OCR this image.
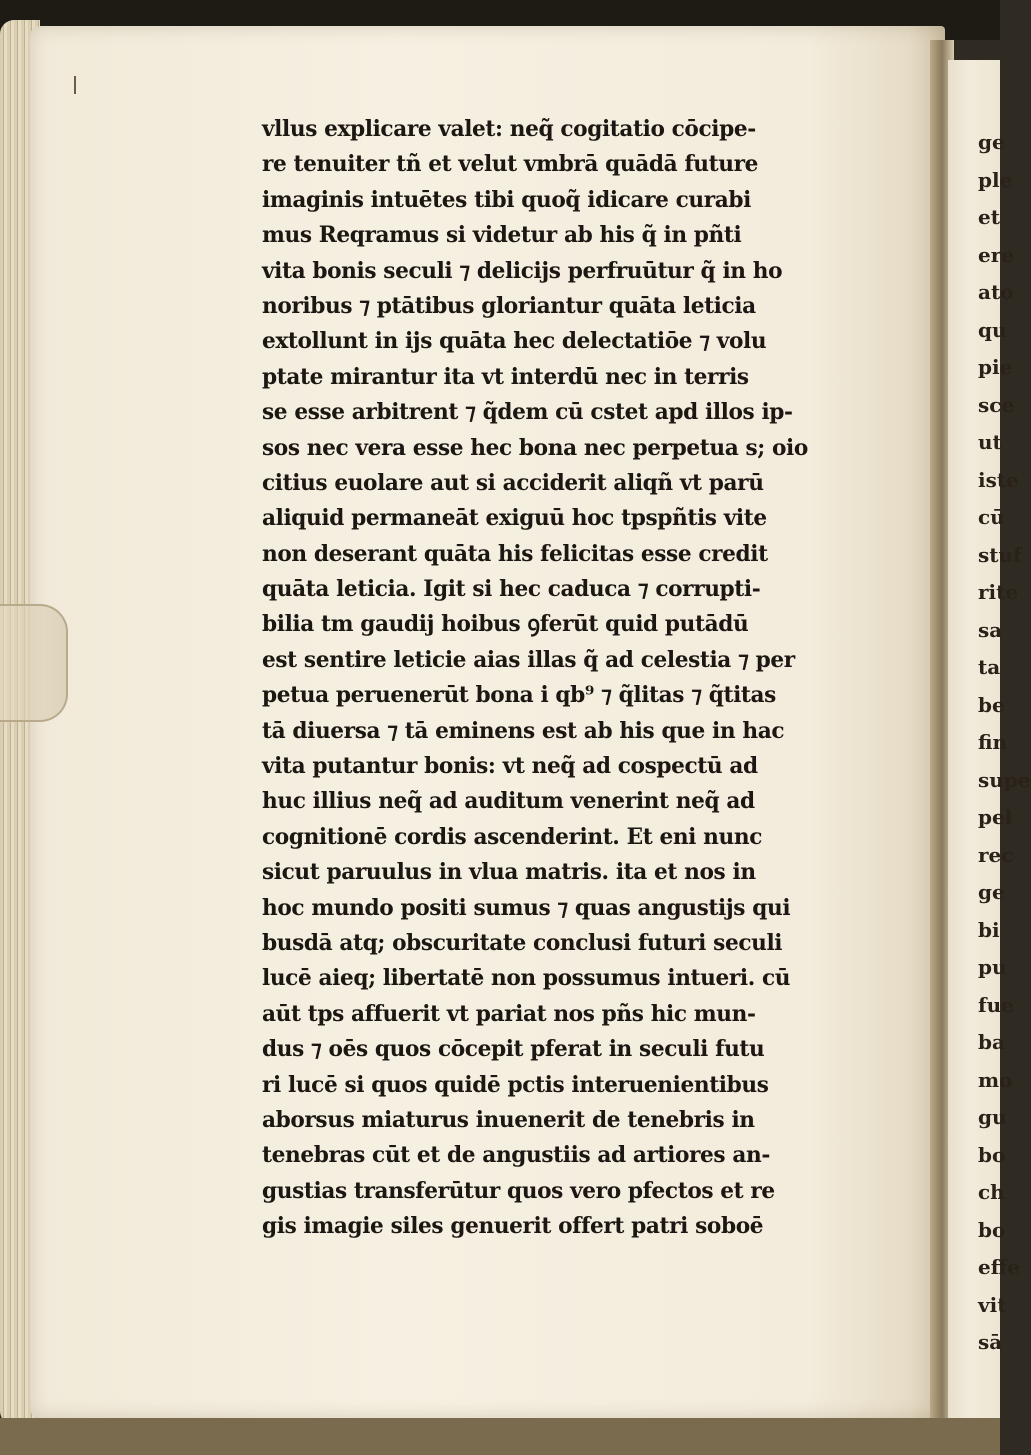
ge
ple
et
ere
ato
qu
pie
sce
ut
iste
cū
stuf
rite
sa
ta
be
fin
supe
pel
rec
ge
bi
pu
fue
ba
mo
gu
bo
ch
bo
effe
vit
sā
vllus explicare valet: neq̃ cogitatio cōcipe-
re tenuiter tñ et velut vmbrā quādā future
imaginis intuētes tibi quoq̃ idicare curabi
mus Reqramus si videtur ab his q̃ in pñti
vita bonis seculi ⁊ delicijs perfruūtur q̃ in ho
noribus ⁊ ptātibus gloriantur quāta leticia
extollunt in ijs quāta hec delectatiōe ⁊ volu
ptate mirantur ita vt interdū nec in terris
se esse arbitrent ⁊ q̃dem cū cstet apd illos ip-
sos nec vera esse hec bona nec perpetua s; oio
citius euolare aut si acciderit aliqñ vt parū
aliquid permaneāt exiguū hoc tpspñtis vite
non deserant quāta his felicitas esse credit
quāta leticia. Igit si hec caduca ⁊ corrupti-
bilia tm gaudij hoibus ꝯferūt quid putādū
est sentire leticie aias illas q̃ ad celestia ⁊ per
petua peruenerūt bona i qb⁹ ⁊ q̃litas ⁊ q̃titas
tā diuersa ⁊ tā eminens est ab his que in hac
vita putantur bonis: vt neq̃ ad cospectū ad
huc illius neq̃ ad auditum venerint neq̃ ad
cognitionē cordis ascenderint. Et eni nunc
sicut paruulus in vlua matris. ita et nos in
hoc mundo positi sumus ⁊ quas angustijs qui
busdā atq; obscuritate conclusi futuri seculi
lucē aieq; libertatē non possumus intueri. cū
aūt tps affuerit vt pariat nos pñs hic mun-
dus ⁊ oēs quos cōcepit pferat in seculi futu
ri lucē si quos quidē pctis interuenientibus
aborsus miaturus inuenerit de tenebris in
tenebras cūt et de angustiis ad artiores an-
gustias transferūtur quos vero pfectos et re
gis imagie siles genuerit offert patri soboē
